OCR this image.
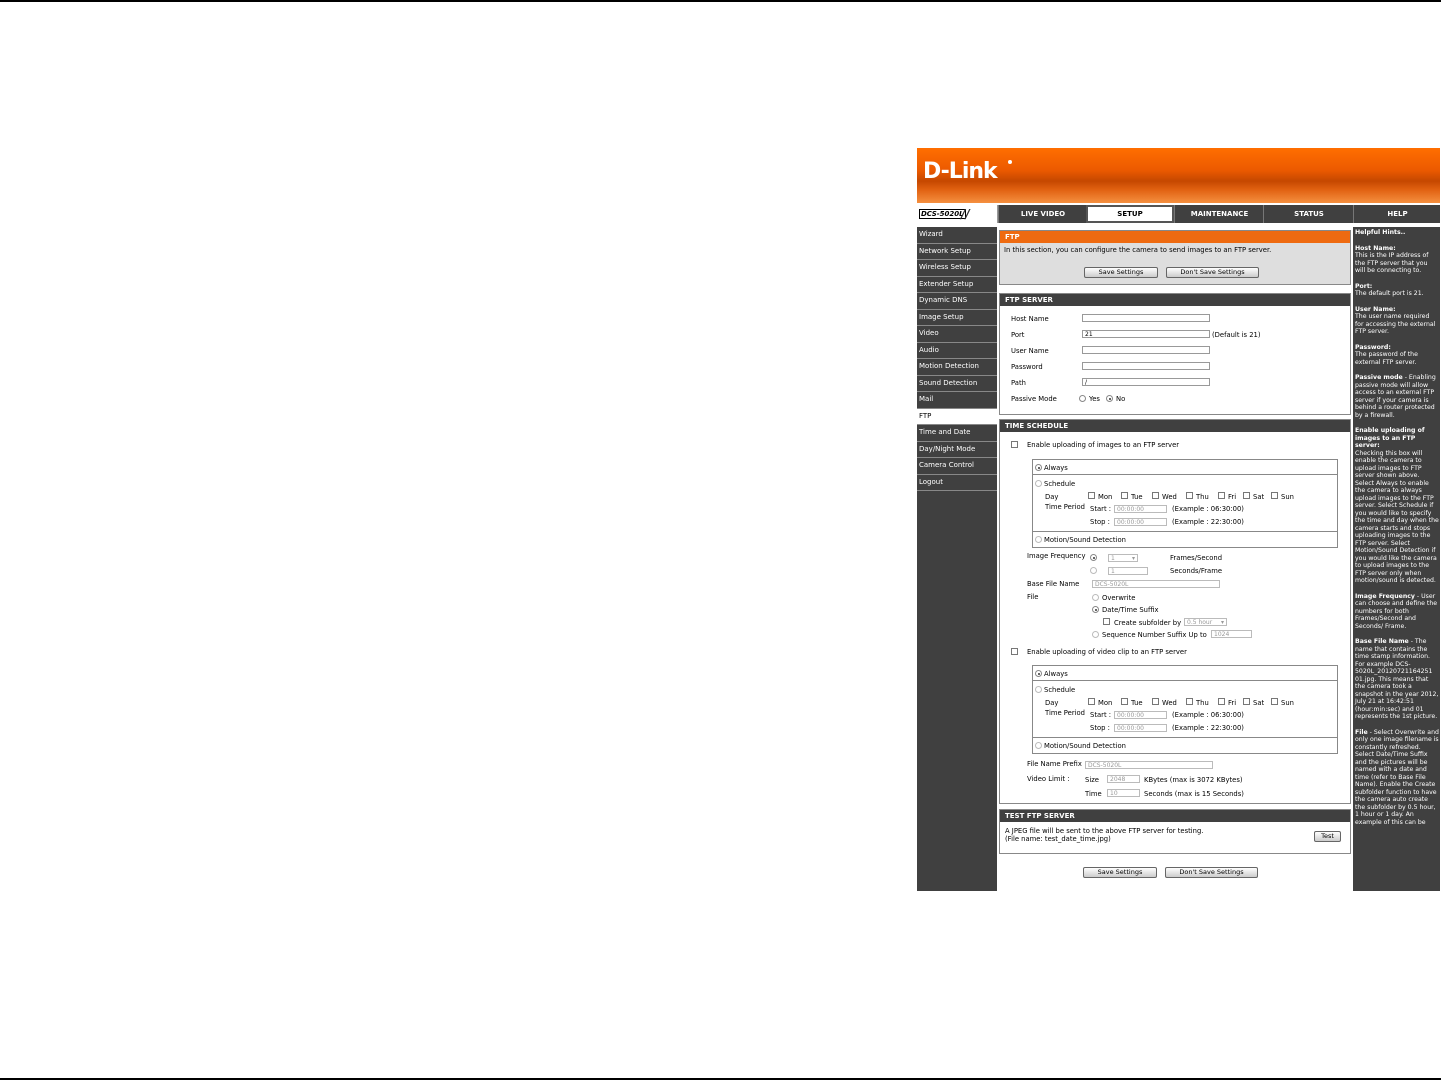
D-Link
DCS-5020L
//	LIVE VIDEO	SETUP	MAINTENANCE	STATUS	HELP
Wizard
Network Setup
Wireless Setup
Extender Setup
Dynamic DNS
Image Setup
Video
Audio
Motion Detection
Sound Detection
Mail
FTP
Time and Date
Day/Night Mode
Camera Control
Logout
FTP
In this section, you can configure the camera to send images to an FTP server.
Save Settings	Don't Save Settings
FTP SERVER
Host Name
Port	21	(Default is 21)
User Name
Password
Path	/
Passive Mode	Yes No
TIME SCHEDULE
Enable uploading of images to an FTP server
Always
Schedule
Day	Mon	Tue	Wed	Thu	Fri Sat Sun
Time Period Start : 00:00:00	(Example : 06:30:00)
Stop :	00:00:00	(Example : 22:30:00)
Motion/Sound Detection
Image Frequency	1 ▾	Frames/Second
1	Seconds/Frame
Base File Name	DCS-5020L
File	Overwrite
Date/Time Suffix
Create subfolder by 0.5 hour ▾
Sequence Number Suffix Up to	1024
Enable uploading of video clip to an FTP server
Always
Schedule
Day	Mon	Tue	Wed	Thu	Fri Sat Sun
Time Period Start : 00:00:00	(Example : 06:30:00)
Stop :	00:00:00	(Example : 22:30:00)
Motion/Sound Detection
File Name Prefix	DCS-5020L
Video Limit : Size	2048	KBytes (max is 3072 KBytes)
Time	10	Seconds (max is 15 Seconds)
TEST FTP SERVER
A JPEG file will be sent to the above FTP server for testing.
(File name: test_date_time.jpg)	Test
Save Settings	Don't Save Settings

Helpful Hints..

Host Name:
This is the IP address of the FTP server that you will be connecting to.

Port:
The default port is 21.

User Name:
The user name required for accessing the external FTP server.

Password:
The password of the external FTP server.

Passive mode - Enabling passive mode will allow access to an external FTP server if your camera is behind a router protected by a firewall.

Enable uploading of images to an FTP server:
Checking this box will enable the camera to upload images to FTP server shown above. Select Always to enable the camera to always upload images to the FTP server. Select Schedule if you would like to specify the time and day when the camera starts and stops uploading images to the FTP server. Select Motion/Sound Detection if you would like the camera to upload images to the FTP server only when motion/sound is detected.

Image Frequency - User can choose and define the numbers for both Frames/Second and Seconds/ Frame.

Base File Name - The name that contains the time stamp information. For example DCS-5020L_20120721164251 01.jpg. This means that the camera took a snapshot in the year 2012, July 21 at 16:42:51 (hour:min:sec) and 01 represents the 1st picture.

File - Select Overwrite and only one image filename is constantly refreshed. Select Date/Time Suffix and the pictures will be named with a date and time (refer to Base File Name). Enable the Create subfolder function to have the camera auto create the subfolder by 0.5 hour, 1 hour or 1 day. An example of this can be
